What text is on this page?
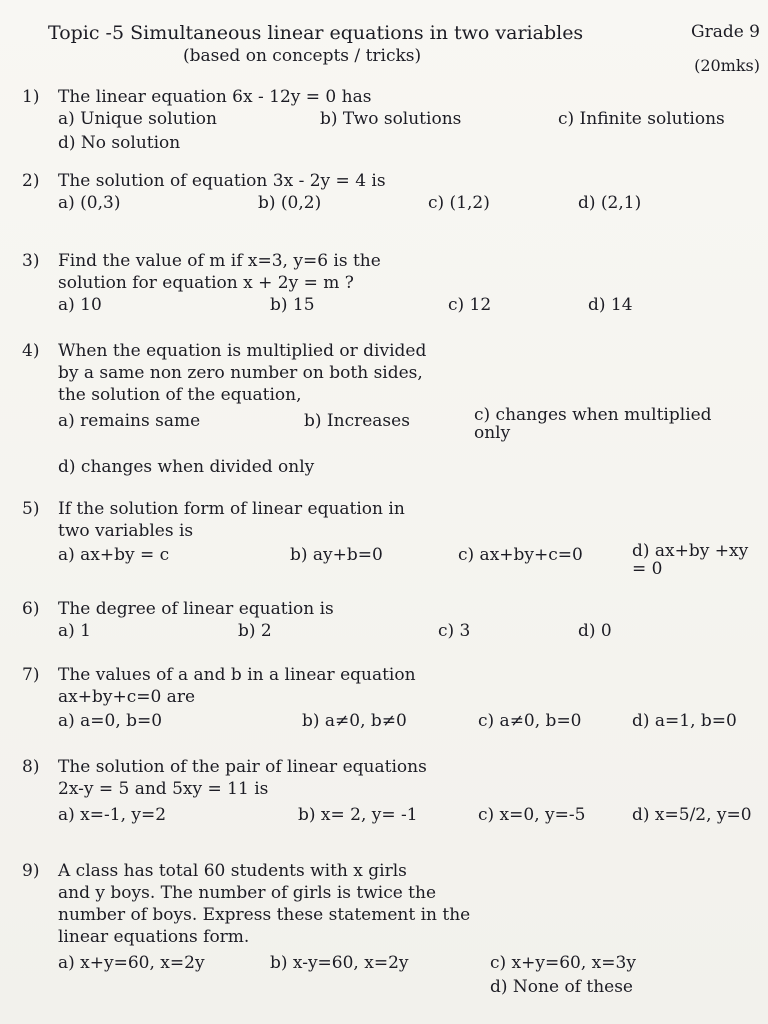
Topic -5 Simultaneous linear equations in two variables	Grade 9
(based on concepts / tricks)	(20mks)
1) The linear equation 6x - 12y = 0 has
a) Unique solution	b) Two solutions	c) Infinite solutions
d) No solution
2) The solution of equation 3x - 2y = 4 is
a) (0,3)	b) (0,2)	c) (1,2)	d) (2,1)
3) Find the value of m if x=3, y=6 is the
solution for equation x + 2y = m ?
a) 10	b) 15	c) 12	d) 14
4) When the equation is multiplied or divided
by a same non zero number on both sides,
the solution of the equation,
a) remains same	b) Increases	c) changes when multiplied only
d) changes when divided only
5) If the solution form of linear equation in
two variables is
a) ax+by = c	b) ay+b=0	c) ax+by+c=0	d) ax+by +xy = 0
6) The degree of linear equation is
a) 1	b) 2	c) 3	d) 0
7) The values of a and b in a linear equation
ax+by+c=0 are
a) a=0, b=0	b) a≠0, b≠0	c) a≠0, b=0	d) a=1, b=0
8) The solution of the pair of linear equations
2x-y = 5 and 5xy = 11 is
a) x=-1, y=2	b) x= 2, y= -1	c) x=0, y=-5	d) x=5/2, y=0
9) A class has total 60 students with x girls
and y boys. The number of girls is twice the
number of boys. Express these statement in the
linear equations form.
a) x+y=60, x=2y	b) x-y=60, x=2y	c) x+y=60, x=3y
d) None of these
